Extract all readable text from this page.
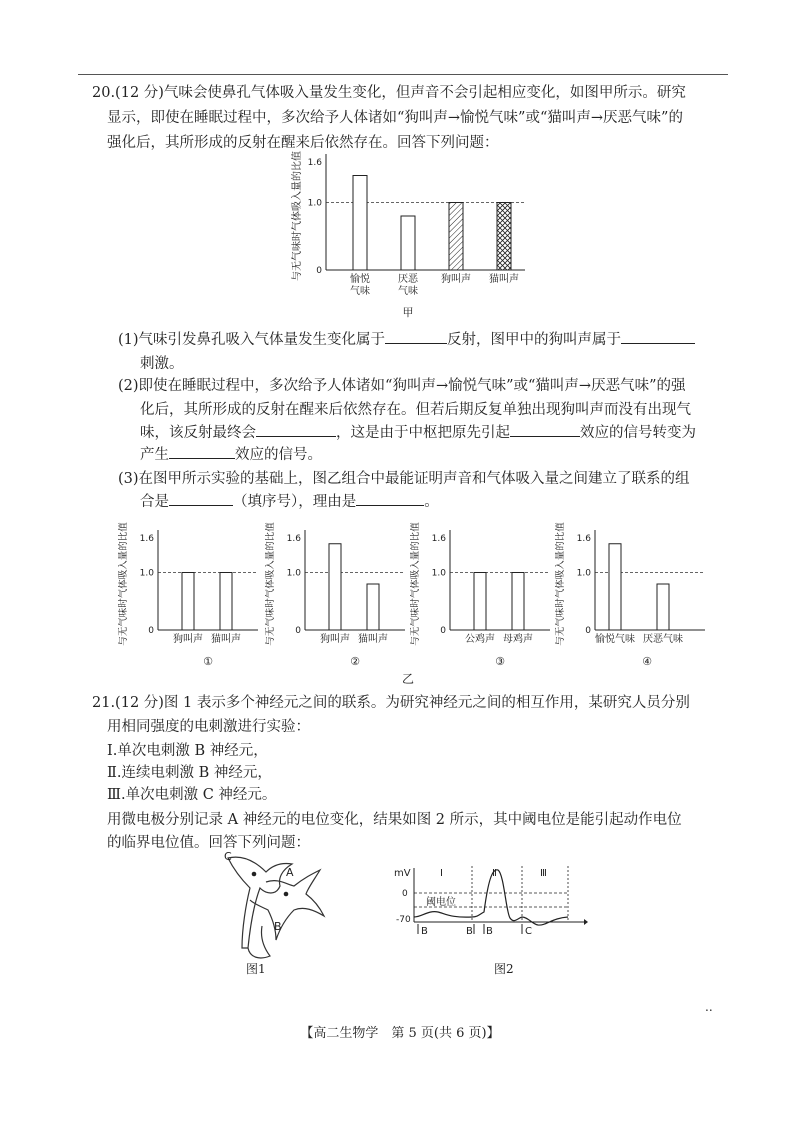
20.(12 分)气味会使鼻孔气体吸入量发生变化，但声音不会引起相应变化，如图甲所示。研究
显示，即使在睡眠过程中，多次给予人体诸如“狗叫声→愉悦气味”或“猫叫声→厌恶气味”的
强化后，其所形成的反射在醒来后依然存在。回答下列问题：
与无气味时气体吸入量的比值 0
1.0
1.6
愉悦
气味
厌恶
气味
狗叫声 猫叫声
甲
(1)气味引发鼻孔吸入气体量发生变化属于	反射，图甲中的狗叫声属于
刺激。
(2)即使在睡眠过程中，多次给予人体诸如“狗叫声→愉悦气味”或“猫叫声→厌恶气味”的强
化后，其所形成的反射在醒来后依然存在。但若后期反复单独出现狗叫声而没有出现气
味，该反射最终会	，这是由于中枢把原先引起	效应的信号转变为
产生	效应的信号。
(3)在图甲所示实验的基础上，图乙组合中最能证明声音和气体吸入量之间建立了联系的组
合是	（填序号），理由是	。
与无气味时气体吸入量的比值 0
1.0
1.6
狗叫声 猫叫声
①
与无气味时气体吸入量的比值 0
1.0
1.6
狗叫声 猫叫声
②
与无气味时气体吸入量的比值 0
1.0
1.6
公鸡声 母鸡声
③
与无气味时气体吸入量的比值 0
1.0
1.6
愉悦气味 厌恶气味
④
乙
21.(12 分)图 1 表示多个神经元之间的联系。为研究神经元之间的相互作用，某研究人员分别
用相同强度的电刺激进行实验：
Ⅰ.单次电刺激 B 神经元，
Ⅱ.连续电刺激 B 神经元，
Ⅲ.单次电刺激 C 神经元。
用微电极分别记录 A 神经元的电位变化，结果如图 2 所示，其中阈电位是能引起动作电位
的临界电位值。回答下列问题：
C
A
B
图1
mV
0
-70
阈电位
Ⅰ	Ⅱ	Ⅲ
B	B B	C
图2
【高二生物学　第 5 页(共 6 页)】
..
